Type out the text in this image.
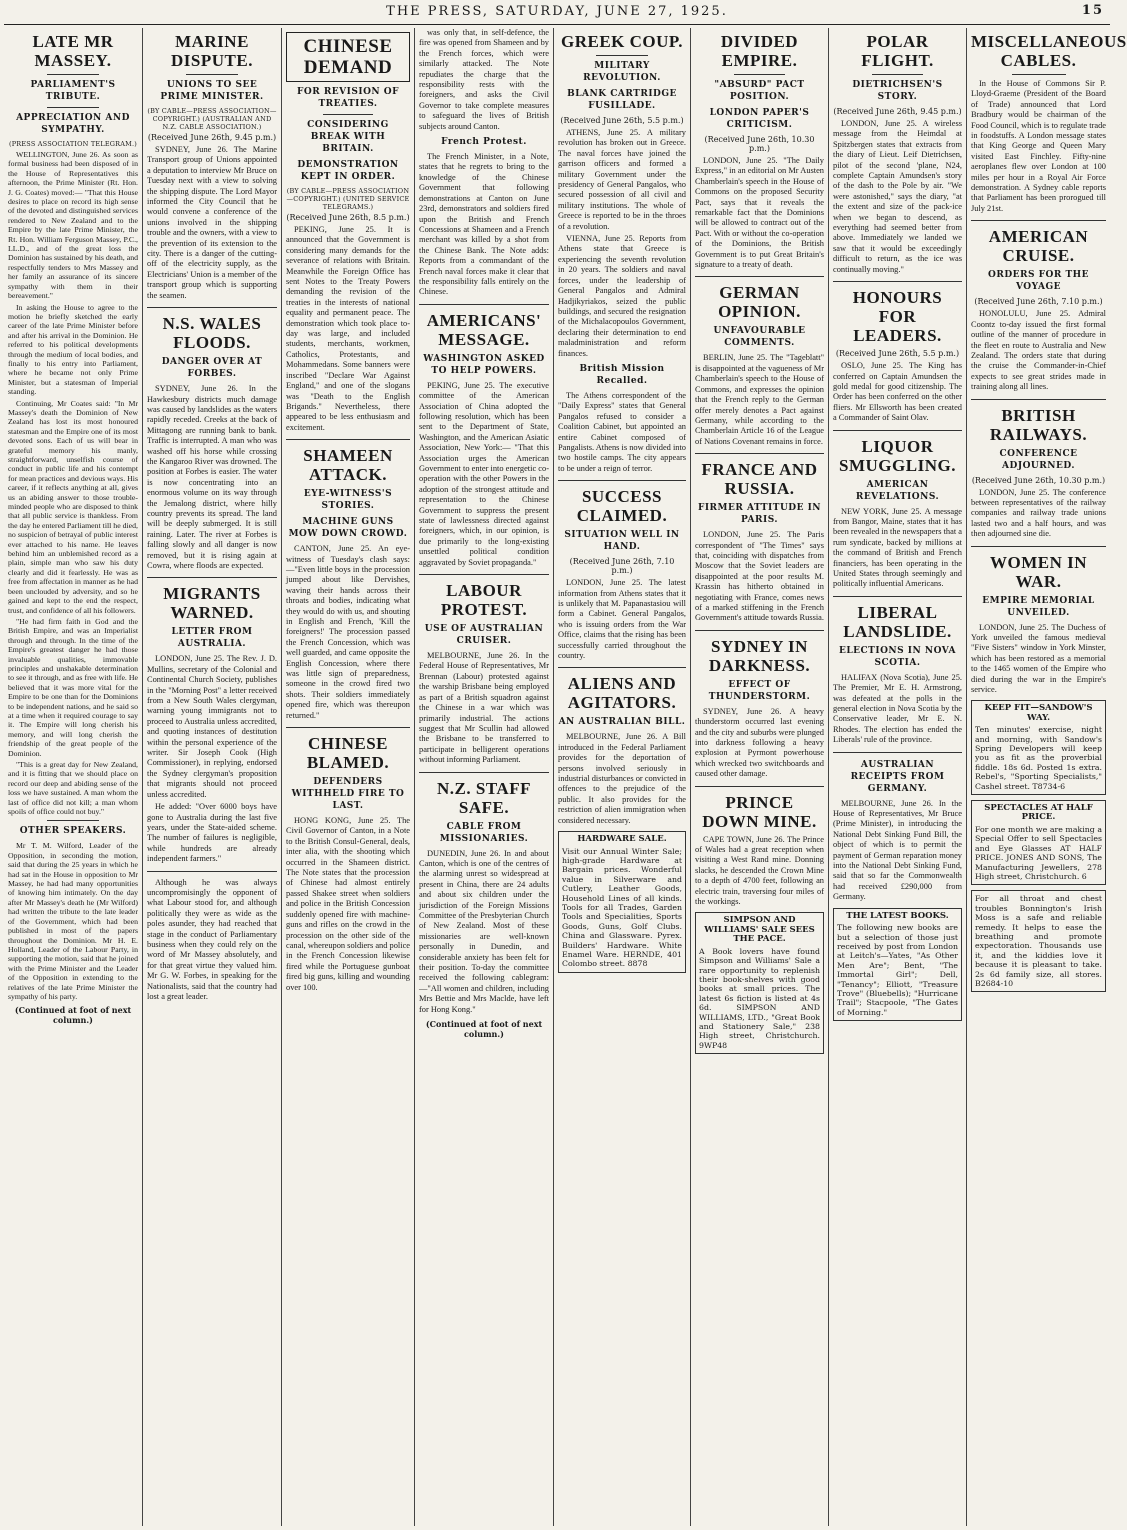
THE PRESS, SATURDAY, JUNE 27, 1925.	15
LATE MR MASSEY.
PARLIAMENT'S TRIBUTE.
APPRECIATION AND SYMPATHY.
(PRESS ASSOCIATION TELEGRAM.)

WELLINGTON, June 26. As soon as formal business had been disposed of in the House of Representatives this afternoon, the Prime Minister (Rt. Hon. J. G. Coates) moved:— "That this House desires to place on record its high sense of the devoted and distinguished services rendered to New Zealand and to the Empire by the late Prime Minister, the Rt. Hon. William Ferguson Massey, P.C., LL.D., and of the great loss the Dominion has sustained by his death, and respectfully tenders to Mrs Massey and her family an assurance of its sincere sympathy with them in their bereavement."

In asking the House to agree to the motion he briefly sketched the early career of the late Prime Minister before and after his arrival in the Dominion. He referred to his political developments through the medium of local bodies, and finally to his entry into Parliament, where he became not only Prime Minister, but a statesman of Imperial standing.

Continuing, Mr Coates said: "In Mr Massey's death the Dominion of New Zealand has lost its most honoured statesman and the Empire one of its most devoted sons. Each of us will bear in grateful memory his manly, straightforward, unselfish course of conduct in public life and his contempt for mean practices and devious ways. His career, if it reflects anything at all, gives us an abiding answer to those trouble-minded people who are disposed to think that all public service is thankless. From the day he entered Parliament till he died, no suspicion of betrayal of public interest ever attached to his name. He leaves behind him an unblemished record as a plain, simple man who saw his duty clearly and did it fearlessly. He was as free from affectation in manner as he had been unclouded by adversity, and so he gained and kept to the end the respect, trust, and confidence of all his followers.

"He had firm faith in God and the British Empire, and was an Imperialist through and through. In the time of the Empire's greatest danger he had those invaluable qualities, immovable principles and unshakable determination to see it through, and as free with life. He believed that it was more vital for the Empire to be one than for the Dominions to be independent nations, and he said so at a time when it required courage to say it. The Empire will long cherish his memory, and will long cherish the friendship of the great people of the Dominion.

"This is a great day for New Zealand, and it is fitting that we should place on record our deep and abiding sense of the loss we have sustained. A man whom the last of office did not kill; a man whom spoils of office could not buy."

OTHER SPEAKERS.

Mr T. M. Wilford, Leader of the Opposition, in seconding the motion, said that during the 25 years in which he had sat in the House in opposition to Mr Massey, he had had many opportunities of knowing him intimately. On the day after Mr Massey's death he (Mr Wilford) had written the tribute to the late leader of the Government, which had been published in most of the papers throughout the Dominion. Mr H. E. Holland, Leader of the Labour Party, in supporting the motion, said that he joined with the Prime Minister and the Leader of the Opposition in extending to the relatives of the late Prime Minister the sympathy of his party.

(Continued at foot of next column.)
MARINE DISPUTE.
UNIONS TO SEE PRIME MINISTER.
(BY CABLE—PRESS ASSOCIATION—COPYRIGHT.) (AUSTRALIAN AND N.Z. CABLE ASSOCIATION.)
(Received June 26th, 9.45 p.m.)

SYDNEY, June 26. The Marine Transport group of Unions appointed a deputation to interview Mr Bruce on Tuesday next with a view to solving the shipping dispute. The Lord Mayor informed the City Council that he would convene a conference of the unions involved in the shipping trouble and the owners, with a view to the prevention of its extension to the city. There is a danger of the cutting-off of the electricity supply, as the Electricians' Union is a member of the transport group which is supporting the seamen.

N.S. WALES FLOODS.
DANGER OVER AT FORBES.

SYDNEY, June 26. In the Hawkesbury districts much damage was caused by landslides as the waters rapidly receded. Creeks at the back of Mittagong are running bank to bank. Traffic is interrupted. A man who was washed off his horse while crossing the Kangaroo River was drowned. The position at Forbes is easier. The water is now concentrating into an enormous volume on its way through the Jemalong district, where hilly country prevents its spread. The land will be deeply submerged. It is still raining. Later. The river at Forbes is falling slowly and all danger is now removed, but it is rising again at Cowra, where floods are expected.

MIGRANTS WARNED.
LETTER FROM AUSTRALIA.

LONDON, June 25. The Rev. J. D. Mullins, secretary of the Colonial and Continental Church Society, publishes in the "Morning Post" a letter received from a New South Wales clergyman, warning young immigrants not to proceed to Australia unless accredited, and quoting instances of destitution within the personal experience of the writer. Sir Joseph Cook (High Commissioner), in replying, endorsed the Sydney clergyman's proposition that migrants should not proceed unless accredited.

He added: "Over 6000 boys have gone to Australia during the last five years, under the State-aided scheme. The number of failures is negligible, while hundreds are already independent farmers."

Although he was always uncompromisingly the opponent of what Labour stood for, and although politically they were as wide as the poles asunder, they had reached that stage in the conduct of Parliamentary business when they could rely on the word of Mr Massey absolutely, and for that great virtue they valued him. Mr G. W. Forbes, in speaking for the Nationalists, said that the country had lost a great leader.

CHINESE DEMAND
FOR REVISION OF TREATIES.
CONSIDERING BREAK WITH BRITAIN.
DEMONSTRATION KEPT IN ORDER.
(BY CABLE—PRESS ASSOCIATION—COPYRIGHT.) (UNITED SERVICE TELEGRAMS.)
(Received June 26th, 8.5 p.m.)

PEKING, June 25. It is announced that the Government is considering many demands for the severance of relations with Britain. Meanwhile the Foreign Office has sent Notes to the Treaty Powers demanding the revision of the treaties in the interests of national equality and permanent peace. The demonstration which took place to-day was large, and included students, merchants, workmen, Catholics, Protestants, and Mohammedans. Some banners were inscribed "Declare War Against England," and one of the slogans was "Death to the English Brigands." Nevertheless, there appeared to be less enthusiasm and excitement.

SHAMEEN ATTACK.
EYE-WITNESS'S STORIES.
MACHINE GUNS MOW DOWN CROWD.

CANTON, June 25. An eye-witness of Tuesday's clash says:—"Even little boys in the procession jumped about like Dervishes, waving their hands across their throats and bodies, indicating what they would do with us, and shouting in English and French, 'Kill the foreigners!' The procession passed the French Concession, which was well guarded, and came opposite the English Concession, where there was little sign of preparedness, someone in the crowd fired two shots. Their soldiers immediately opened fire, which was thereupon returned."

CHINESE BLAMED.
DEFENDERS WITHHELD FIRE TO LAST.

HONG KONG, June 25. The Civil Governor of Canton, in a Note to the British Consul-General, deals, inter alia, with the shooting which occurred in the Shameen district. The Note states that the procession of Chinese had almost entirely passed Shakee street when soldiers and police in the British Concession suddenly opened fire with machine-guns and rifles on the crowd in the procession on the other side of the canal, whereupon soldiers and police in the French Concession likewise fired while the Portuguese gunboat fired big guns, killing and wounding over 100.

was only that, in self-defence, the fire was opened from Shameen and by the French forces, which were similarly attacked. The Note repudiates the charge that the responsibility rests with the foreigners, and asks the Civil Governor to take complete measures to safeguard the lives of British subjects around Canton.

French Protest.

The French Minister, in a Note, states that he regrets to bring to the knowledge of the Chinese Government that following demonstrations at Canton on June 23rd, demonstrators and soldiers fired upon the British and French Concessions at Shameen and a French merchant was killed by a shot from the Chinese Bank. The Note adds: Reports from a commandant of the French naval forces make it clear that the responsibility falls entirely on the Chinese.

AMERICANS' MESSAGE.
WASHINGTON ASKED TO HELP POWERS.

PEKING, June 25. The executive committee of the American Association of China adopted the following resolution, which has been sent to the Department of State, Washington, and the American Asiatic Association, New York:— "That this Association urges the American Government to enter into energetic co-operation with the other Powers in the adoption of the strongest attitude and representation to the Chinese Government to suppress the present state of lawlessness directed against foreigners, which, in our opinion, is due primarily to the long-existing unsettled political condition aggravated by Soviet propaganda."

LABOUR PROTEST.
USE OF AUSTRALIAN CRUISER.

MELBOURNE, June 26. In the Federal House of Representatives, Mr Brennan (Labour) protested against the warship Brisbane being employed as part of a British squadron against the Chinese in a war which was primarily industrial. The actions suggest that Mr Scullin had allowed the Brisbane to be transferred to participate in belligerent operations without informing Parliament.

N.Z. STAFF SAFE.
CABLE FROM MISSIONARIES.

DUNEDIN, June 26. In and about Canton, which is one of the centres of the alarming unrest so widespread at present in China, there are 24 adults and about six children under the jurisdiction of the Foreign Missions Committee of the Presbyterian Church of New Zealand. Most of these missionaries are well-known personally in Dunedin, and considerable anxiety has been felt for their position. To-day the committee received the following cablegram:—"All women and children, including Mrs Bettie and Mrs Maclde, have left for Hong Kong."

(Continued at foot of next column.)
GREEK COUP.
MILITARY REVOLUTION.
BLANK CARTRIDGE FUSILLADE.
(Received June 26th, 5.5 p.m.)

ATHENS, June 25. A military revolution has broken out in Greece. The naval forces have joined the garrison officers and formed a military Government under the presidency of General Pangalos, who secured possession of all civil and military institutions. The whole of Greece is reported to be in the throes of a revolution.

VIENNA, June 25. Reports from Athens state that Greece is experiencing the seventh revolution in 20 years. The soldiers and naval forces, under the leadership of General Pangalos and Admiral Hadjikyriakos, seized the public buildings, and secured the resignation of the Michalacopoulos Government, declaring their determination to end maladministration and reform finances.

British Mission Recalled.

The Athens correspondent of the "Daily Express" states that General Pangalos refused to consider a Coalition Cabinet, but appointed an entire Cabinet composed of Pangalists. Athens is now divided into two hostile camps. The city appears to be under a reign of terror.

SUCCESS CLAIMED.
SITUATION WELL IN HAND.
(Received June 26th, 7.10 p.m.)

LONDON, June 25. The latest information from Athens states that it is unlikely that M. Papanastasiou will form a Cabinet. General Pangalos, who is issuing orders from the War Office, claims that the rising has been successfully carried throughout the country.

ALIENS AND AGITATORS.
AN AUSTRALIAN BILL.

MELBOURNE, June 26. A Bill introduced in the Federal Parliament provides for the deportation of persons involved seriously in industrial disturbances or convicted in offences to the prejudice of the public. It also provides for the restriction of alien immigration when considered necessary.

HARDWARE SALE.
Visit our Annual Winter Sale; high-grade Hardware at Bargain prices. Wonderful value in Silverware and Cutlery, Leather Goods, Household Lines of all kinds. Tools for all Trades, Garden Tools and Specialities, Sports Goods, Guns, Golf Clubs. China and Glassware. Pyrex. Builders' Hardware. White Enamel Ware. HERNDE, 401 Colombo street. 8878
DIVIDED EMPIRE.
"ABSURD" PACT POSITION.
LONDON PAPER'S CRITICISM.
(Received June 26th, 10.30 p.m.)

LONDON, June 25. "The Daily Express," in an editorial on Mr Austen Chamberlain's speech in the House of Commons on the proposed Security Pact, says that it reveals the remarkable fact that the Dominions will be allowed to contract out of the Pact. With or without the co-operation of the Dominions, the British Government is to put Great Britain's signature to a treaty of death.

GERMAN OPINION.
UNFAVOURABLE COMMENTS.

BERLIN, June 25. The "Tageblatt" is disappointed at the vagueness of Mr Chamberlain's speech to the House of Commons, and expresses the opinion that the French reply to the German offer merely denotes a Pact against Germany, while according to the Chamberlain Article 16 of the League of Nations Covenant remains in force.

FRANCE AND RUSSIA.
FIRMER ATTITUDE IN PARIS.

LONDON, June 25. The Paris correspondent of "The Times" says that, coinciding with dispatches from Moscow that the Soviet leaders are disappointed at the poor results M. Krassin has hitherto obtained in negotiating with France, comes news of a marked stiffening in the French Government's attitude towards Russia.

SYDNEY IN DARKNESS.
EFFECT OF THUNDERSTORM.

SYDNEY, June 26. A heavy thunderstorm occurred last evening and the city and suburbs were plunged into darkness following a heavy explosion at Pyrmont powerhouse which wrecked two switchboards and caused other damage.

PRINCE DOWN MINE.

CAPE TOWN, June 26. The Prince of Wales had a great reception when visiting a West Rand mine. Donning slacks, he descended the Crown Mine to a depth of 4700 feet, following an electric train, traversing four miles of the workings.

SIMPSON AND WILLIAMS' SALE SEES THE PACE.
A Book lovers have found Simpson and Williams' Sale a rare opportunity to replenish their book-shelves with good books at small prices. The latest 6s fiction is listed at 4s 6d. SIMPSON AND WILLIAMS, LTD., "Great Book and Stationery Sale," 238 High street, Christchurch. 9WP48
POLAR FLIGHT.
DIETRICHSEN'S STORY.
(Received June 26th, 9.45 p.m.)

LONDON, June 25. A wireless message from the Heimdal at Spitzbergen states that extracts from the diary of Lieut. Leif Dietrichsen, pilot of the second 'plane, N24, complete Captain Amundsen's story of the dash to the Pole by air. "We were astonished," says the diary, "at the extent and size of the pack-ice when we began to descend, as everything had seemed better from above. Immediately we landed we saw that it would be exceedingly difficult to return, as the ice was continually moving."

HONOURS FOR LEADERS.
(Received June 26th, 5.5 p.m.)

OSLO, June 25. The King has conferred on Captain Amundsen the gold medal for good citizenship. The Order has been conferred on the other fliers. Mr Ellsworth has been created a Commander of Saint Olav.

LIQUOR SMUGGLING.
AMERICAN REVELATIONS.

NEW YORK, June 25. A message from Bangor, Maine, states that it has been revealed in the newspapers that a rum syndicate, backed by millions at the command of British and French financiers, has been operating in the United States through seemingly and politically influential Americans.

LIBERAL LANDSLIDE.
ELECTIONS IN NOVA SCOTIA.

HALIFAX (Nova Scotia), June 25. The Premier, Mr E. H. Armstrong, was defeated at the polls in the general election in Nova Scotia by the Conservative leader, Mr E. N. Rhodes. The election has ended the Liberals' rule of the province.

AUSTRALIAN RECEIPTS FROM GERMANY.

MELBOURNE, June 26. In the House of Representatives, Mr Bruce (Prime Minister), in introducing the National Debt Sinking Fund Bill, the object of which is to permit the payment of German reparation money into the National Debt Sinking Fund, said that so far the Commonwealth had received £290,000 from Germany.

THE LATEST BOOKS.
The following new books are but a selection of those just received by post from London at Leitch's—Yates, "As Other Men Are"; Bent, "The Immortal Girl"; Dell, "Tenancy"; Elliott, "Treasure Trove" (Bluebells); "Hurricane Trail"; Stacpoole, "The Gates of Morning."
MISCELLANEOUS CABLES.

In the House of Commons Sir P. Lloyd-Graeme (President of the Board of Trade) announced that Lord Bradbury would be chairman of the Food Council, which is to regulate trade in foodstuffs. A London message states that King George and Queen Mary visited East Finchley. Fifty-nine aeroplanes flew over London at 100 miles per hour in a Royal Air Force demonstration. A Sydney cable reports that Parliament has been prorogued till July 21st.

AMERICAN CRUISE.
ORDERS FOR THE VOYAGE
(Received June 26th, 7.10 p.m.)

HONOLULU, June 25. Admiral Coontz to-day issued the first formal outline of the manner of procedure in the fleet en route to Australia and New Zealand. The orders state that during the cruise the Commander-in-Chief expects to see great strides made in training along all lines.

BRITISH RAILWAYS.
CONFERENCE ADJOURNED.
(Received June 26th, 10.30 p.m.)

LONDON, June 25. The conference between representatives of the railway companies and railway trade unions lasted two and a half hours, and was then adjourned sine die.

WOMEN IN WAR.
EMPIRE MEMORIAL UNVEILED.

LONDON, June 25. The Duchess of York unveiled the famous medieval "Five Sisters" window in York Minster, which has been restored as a memorial to the 1465 women of the Empire who died during the war in the Empire's service.

KEEP FIT—SANDOW'S WAY.
Ten minutes' exercise, night and morning, with Sandow's Spring Developers will keep you as fit as the proverbial fiddle. 18s 6d. Posted 1s extra. Rebel's, "Sporting Specialists," Cashel street. T8734-6
SPECTACLES AT HALF PRICE.
For one month we are making a Special Offer to sell Spectacles and Eye Glasses AT HALF PRICE. JONES AND SONS, The Manufacturing Jewellers, 278 High street, Christchurch. 6
For all throat and chest troubles Bonnington's Irish Moss is a safe and reliable remedy. It helps to ease the breathing and promote expectoration. Thousands use it, and the kiddies love it because it is pleasant to take. 2s 6d family size, all stores. B2684-10
